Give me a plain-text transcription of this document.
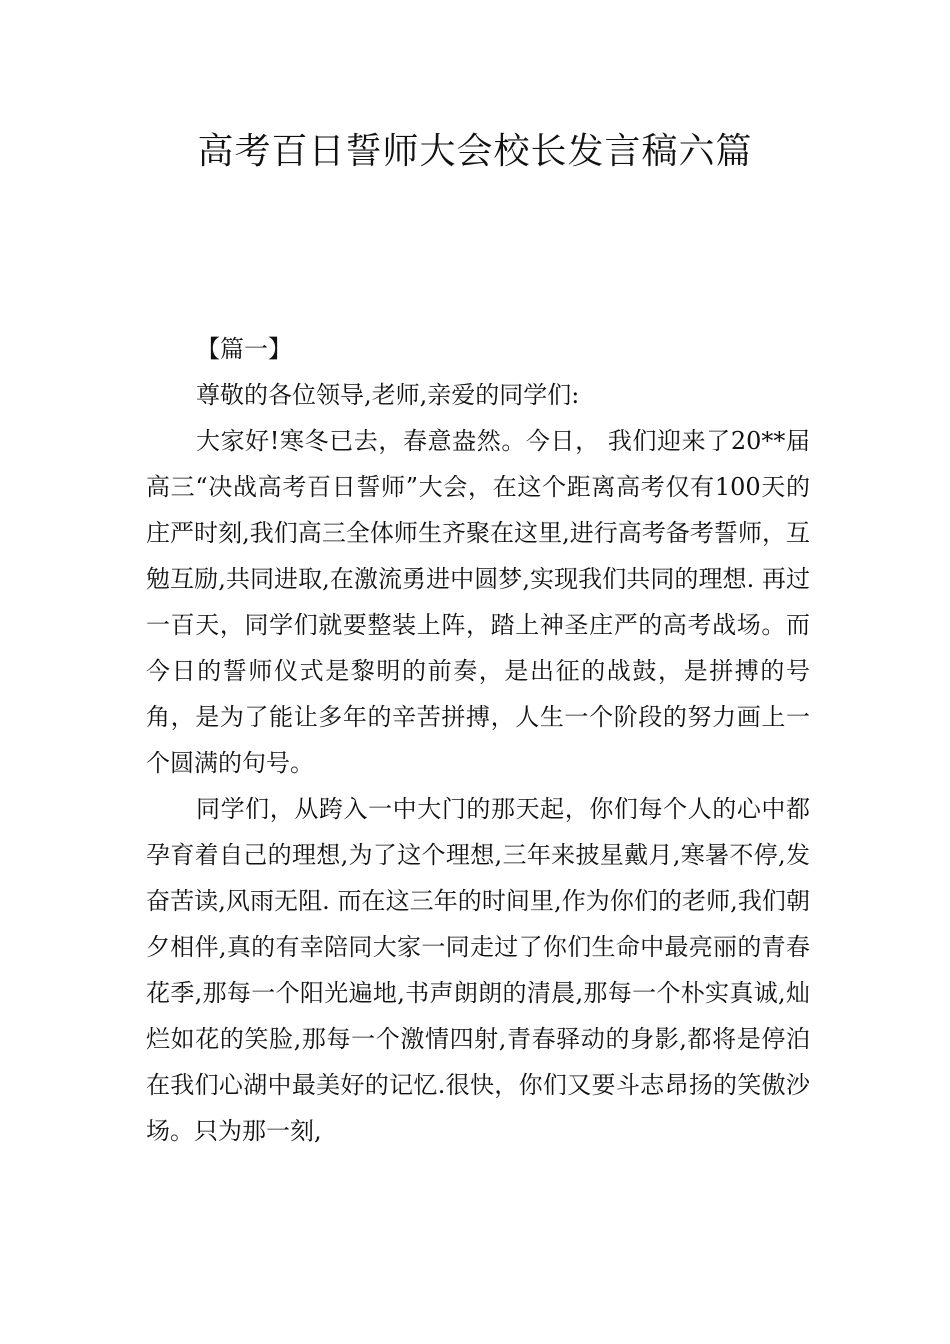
高考百日誓师大会校长发言稿六篇

【篇一】

尊敬的各位领导,老师,亲爱的同学们:

大家好!寒冬已去，春意盎然。今日， 我们迎来了20**届高三“决战高考百日誓师”大会，在这个距离高考仅有100天的庄严时刻,我们高三全体师生齐聚在这里,进行高考备考誓师，互勉互励,共同进取,在激流勇进中圆梦,实现我们共同的理想. 再过一百天，同学们就要整装上阵，踏上神圣庄严的高考战场。而今日的誓师仪式是黎明的前奏，是出征的战鼓，是拼搏的号角，是为了能让多年的辛苦拼搏，人生一个阶段的努力画上一个圆满的句号。

同学们，从跨入一中大门的那天起，你们每个人的心中都孕育着自己的理想,为了这个理想,三年来披星戴月,寒暑不停,发奋苦读,风雨无阻. 而在这三年的时间里,作为你们的老师,我们朝夕相伴,真的有幸陪同大家一同走过了你们生命中最亮丽的青春花季,那每一个阳光遍地,书声朗朗的清晨,那每一个朴实真诚,灿烂如花的笑脸,那每一个激情四射,青春驿动的身影,都将是停泊在我们心湖中最美好的记忆.很快，你们又要斗志昂扬的笑傲沙场。只为那一刻,
